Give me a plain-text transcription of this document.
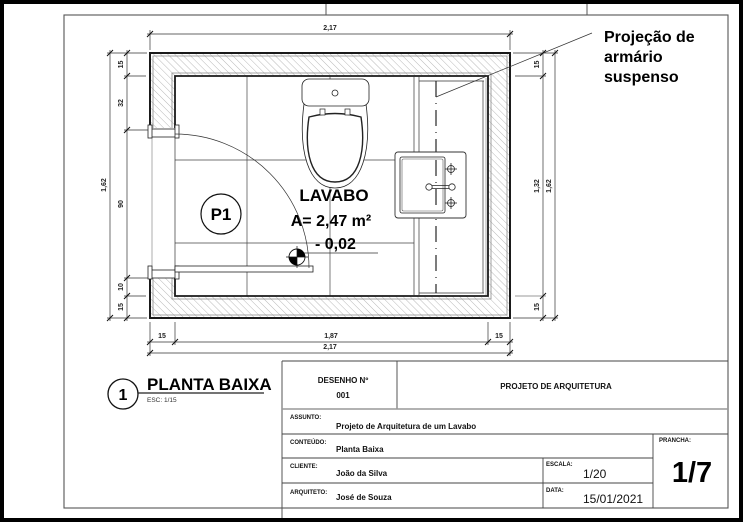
Projeção de
armário
suspenso
LAVABO
A= 2,47 m²
P1
- 0,02
2,17
15	1,87	15
2,17
15
32
90
10
15
1,62
15
1,32
15
1,62
1
PLANTA BAIXA
ESC: 1/15
DESENHO Nº
001
PROJETO DE ARQUITETURA
ASSUNTO:
Projeto de Arquitetura de um Lavabo
CONTEÚDO:
Planta Baixa
CLIENTE:
João da Silva
ARQUITETO: José de Souza
ESCALA:
1/20
DATA:
15/01/2021
PRANCHA:
1/7
